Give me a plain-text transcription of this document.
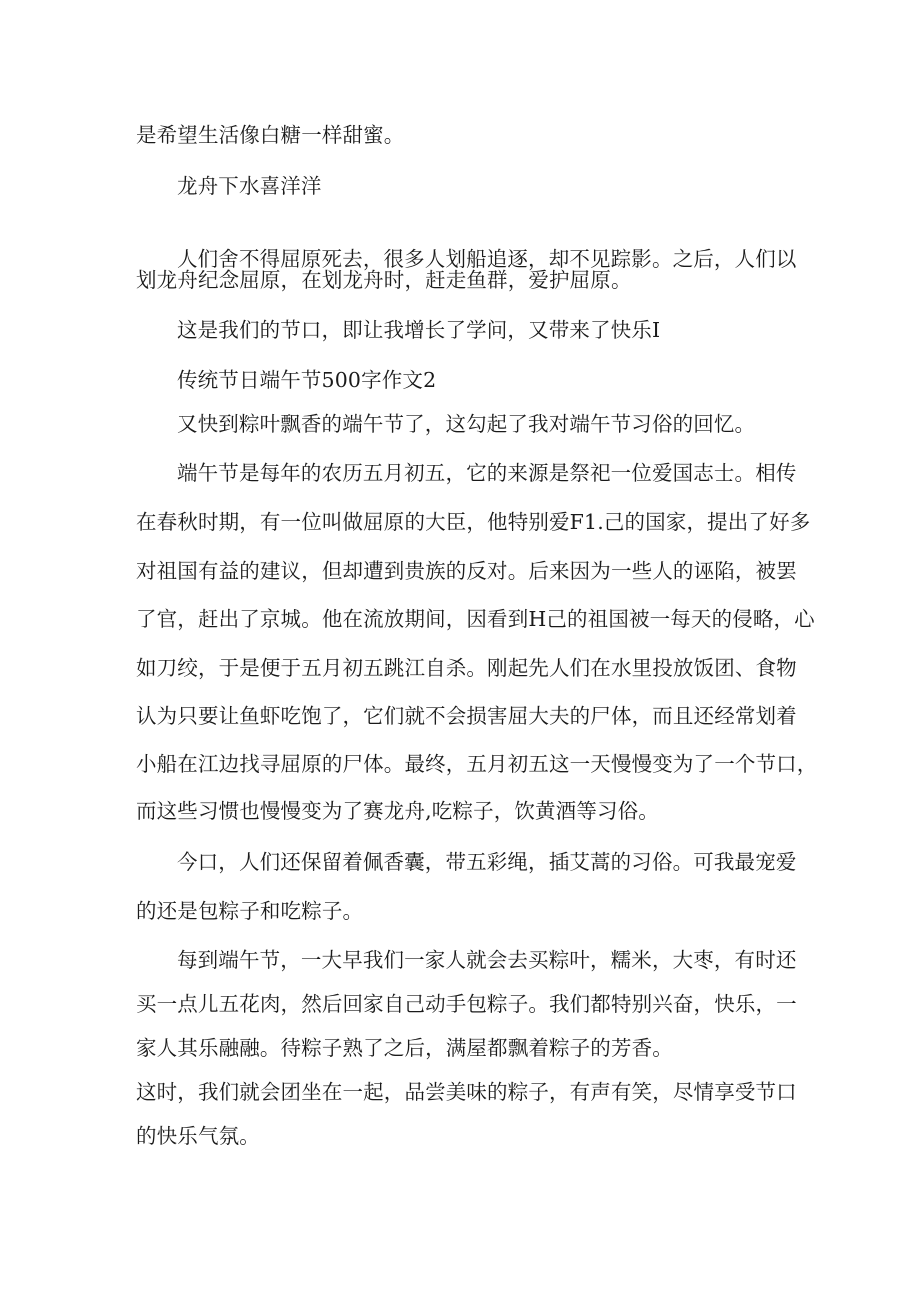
是希望生活像白糖一样甜蜜。

龙舟下水喜洋洋

人们舍不得屈原死去，很多人划船追逐，却不见踪影。之后，人们以

划龙舟纪念屈原，在划龙舟时，赶走鱼群，爱护屈原。

这是我们的节口，即让我增长了学问，又带来了快乐I

传统节日端午节500字作文2

又快到粽叶飘香的端午节了，这勾起了我对端午节习俗的回忆。

端午节是每年的农历五月初五，它的来源是祭祀一位爱国志士。相传

在春秋时期，有一位叫做屈原的大臣，他特别爱F1.己的国家，提出了好多

对祖国有益的建议，但却遭到贵族的反对。后来因为一些人的诬陷，被罢

了官，赶出了京城。他在流放期间，因看到H己的祖国被一每天的侵略，心

如刀绞，于是便于五月初五跳江自杀。刚起先人们在水里投放饭团、食物

认为只要让鱼虾吃饱了，它们就不会损害屈大夫的尸体，而且还经常划着

小船在江边找寻屈原的尸体。最终，五月初五这一天慢慢变为了一个节口，

而这些习惯也慢慢变为了赛龙舟,吃粽子，饮黄酒等习俗。

今口，人们还保留着佩香囊，带五彩绳，插艾蒿的习俗。可我最宠爱

的还是包粽子和吃粽子。

每到端午节，一大早我们一家人就会去买粽叶，糯米，大枣，有时还

买一点儿五花肉，然后回家自己动手包粽子。我们都特别兴奋，快乐，一

家人其乐融融。待粽子熟了之后，满屋都飘着粽子的芳香。

这时，我们就会团坐在一起，品尝美味的粽子，有声有笑，尽情享受节口

的快乐气氛。
